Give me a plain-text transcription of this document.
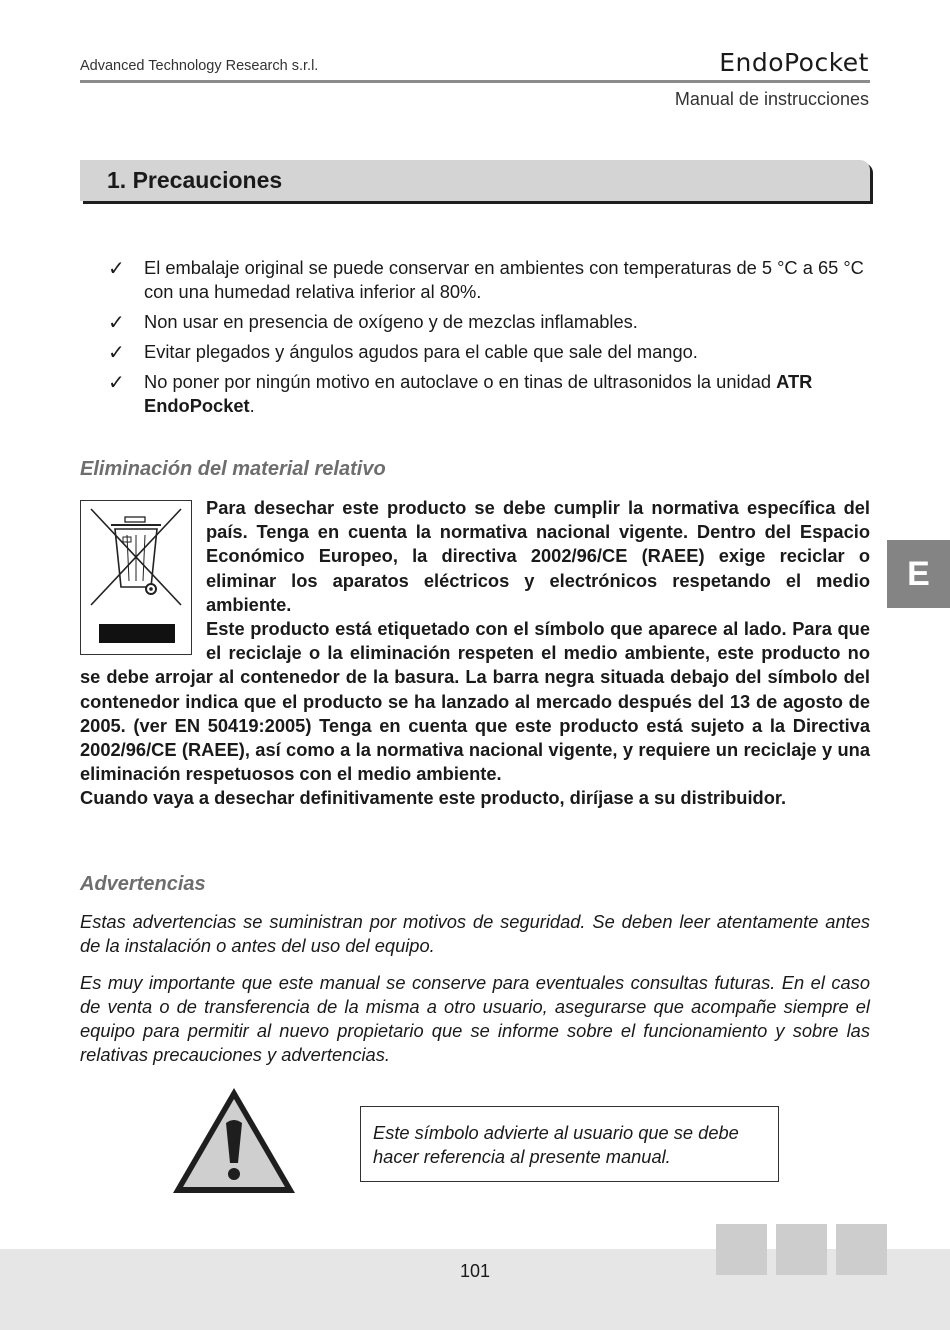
Advanced Technology Research s.r.l.	EndoPocket
Manual de instrucciones
1. Precauciones
✓ El embalaje original se puede conservar en ambientes con temperaturas de 5 °C a 65 °C con una humedad relativa inferior al 80%.
✓ Non usar en presencia de oxígeno y de mezclas inflamables.
✓ Evitar plegados y ángulos agudos para el cable que sale del mango.
✓ No poner por ningún motivo en autoclave o en tinas de ultrasonidos la unidad ATR EndoPocket.
Eliminación del material relativo

Para desechar este producto se debe cumplir la normativa específica del país. Tenga en cuenta la normativa nacional vigente. Dentro del Espacio Económico Europeo, la directiva 2002/96/CE (RAEE) exige reciclar o eliminar los aparatos eléctricos y electrónicos respetando el medio ambiente.

Este producto está etiquetado con el símbolo que aparece al lado. Para que el reciclaje o la eliminación respeten el medio ambiente, este producto no se debe arrojar al contenedor de la basura. La barra negra situada debajo del símbolo del contenedor indica que el producto se ha lanzado al mercado después del 13 de agosto de 2005. (ver EN 50419:2005) Tenga en cuenta que este producto está sujeto a la Directiva 2002/96/CE (RAEE), así como a la normativa nacional vigente, y requiere un reciclaje y una eliminación respetuosos con el medio ambiente.

Cuando vaya a desechar definitivamente este producto, diríjase a su distribuidor.

Advertencias
Estas advertencias se suministran por motivos de seguridad. Se deben leer atentamente antes de la instalación o antes del uso del equipo.
Es muy importante que este manual se conserve para eventuales consultas futuras. En el caso de venta o de transferencia de la misma a otro usuario, asegurarse que acompañe siempre el equipo para permitir al nuevo propietario que se informe sobre el funcionamiento y sobre las relativas precauciones y advertencias.
Este símbolo advierte al usuario que se debe hacer referencia al presente manual.
E
101
